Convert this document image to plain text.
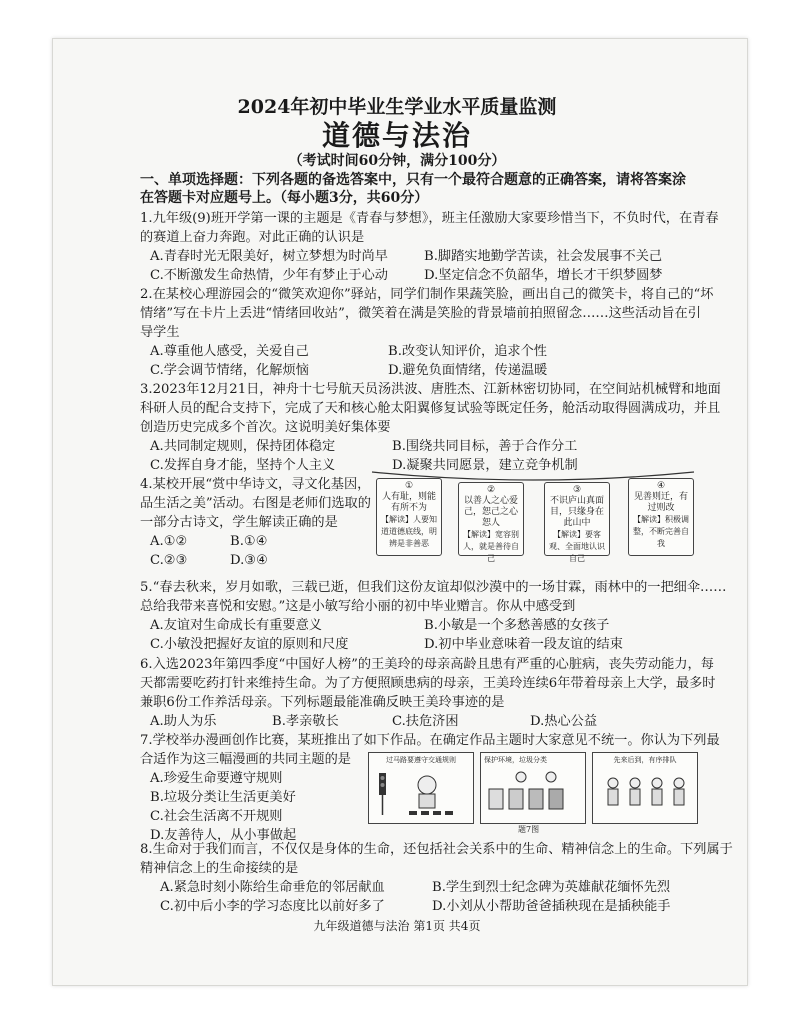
2024年初中毕业生学业水平质量监测
道德与法治
（考试时间60分钟，满分100分）
一、单项选择题：下列各题的备选答案中，只有一个最符合题意的正确答案，请将答案涂
在答题卡对应题号上。（每小题3分，共60分）
1.九年级(9)班开学第一课的主题是《青春与梦想》，班主任激励大家要珍惜当下，不负时代，在青春
的赛道上奋力奔跑。对此正确的认识是
A.青春时光无限美好，树立梦想为时尚早	B.脚踏实地勤学苦读，社会发展事不关己
C.不断激发生命热情，少年有梦止于心动	D.坚定信念不负韶华，增长才干织梦圆梦
2.在某校心理游园会的“微笑欢迎你”驿站，同学们制作果蔬笑脸，画出自己的微笑卡，将自己的“坏
情绪”写在卡片上丢进“情绪回收站”，微笑着在满是笑脸的背景墙前拍照留念……这些活动旨在引
导学生
A.尊重他人感受，关爱自己	B.改变认知评价，追求个性
C.学会调节情绪，化解烦恼	D.避免负面情绪，传递温暖
3.2023年12月21日，神舟十七号航天员汤洪波、唐胜杰、江新林密切协同，在空间站机械臂和地面
科研人员的配合支持下，完成了天和核心舱太阳翼修复试验等既定任务，舱活动取得圆满成功，并且
创造历史完成多个首次。这说明美好集体要
A.共同制定规则，保持团体稳定	B.围绕共同目标，善于合作分工
C.发挥自身才能，坚持个人主义	D.凝聚共同愿景，建立竞争机制
4.某校开展“赏中华诗文，寻文化基因，
品生活之美”活动。右图是老师们选取的
一部分古诗文，学生解读正确的是
A.①②	B.①④
C.②③	D.③④
①
人有耻，则能有所不为
【解读】人要知道道德底线，明辨是非善恶
②
以善人之心爱己，恕己之心恕人
【解读】宽容别人，就是善待自己
③
不识庐山真面目，只缘身在此山中
【解读】要客观、全面地认识自己
④
见善则迁，有过则改
【解读】积极调整，不断完善自我
5.“春去秋来，岁月如歌，三载已逝，但我们这份友谊却似沙漠中的一场甘霖，雨林中的一把细伞……
总给我带来喜悦和安慰。”这是小敏写给小丽的初中毕业赠言。你从中感受到
A.友谊对生命成长有重要意义	B.小敏是一个多愁善感的女孩子
C.小敏没把握好友谊的原则和尺度	D.初中毕业意味着一段友谊的结束
6.入选2023年第四季度“中国好人榜”的王美玲的母亲高龄且患有严重的心脏病，丧失劳动能力，每
天都需要吃药打针来维持生命。为了方便照顾患病的母亲，王美玲连续6年带着母亲上大学，最多时
兼职6份工作养活母亲。下列标题最能准确反映王美玲事迹的是
A.助人为乐	B.孝亲敬长	C.扶危济困	D.热心公益
7.学校举办漫画创作比赛，某班推出了如下作品。在确定作品主题时大家意见不统一。你认为下列最
合适作为这三幅漫画的共同主题的是
A.珍爱生命要遵守规则
B.垃圾分类让生活更美好
C.社会生活离不开规则
D.友善待人，从小事做起
过马路要遵守交通规则	保护环境，垃圾分类	先来后到，有序排队
题7图
8.生命对于我们而言，不仅仅是身体的生命，还包括社会关系中的生命、精神信念上的生命。下列属于
精神信念上的生命接续的是
A.紧急时刻小陈给生命垂危的邻居献血	B.学生到烈士纪念碑为英雄献花缅怀先烈
C.初中后小李的学习态度比以前好多了	D.小刘从小帮助爸爸插秧现在是插秧能手
九年级道德与法治 第1页 共4页
